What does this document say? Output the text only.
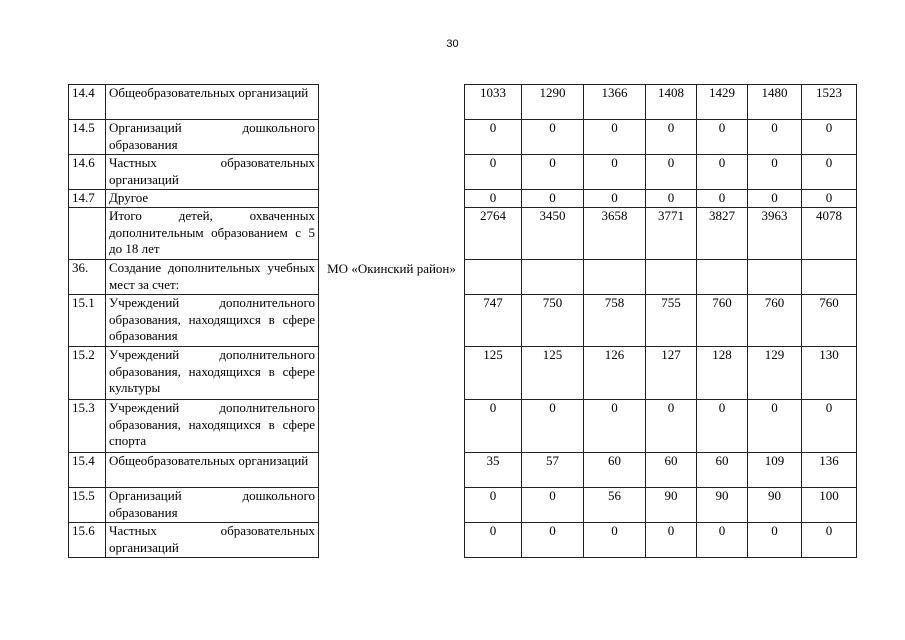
30
14.4	Общеобразовательных организаций		1033	1290	1366	1408	1429	1480	1523
14.5	Организаций дошкольного образования		0	0	0	0	0	0	0
14.6	Частных образовательных организаций		0	0	0	0	0	0	0
14.7	Другое		0	0	0	0	0	0	0
	Итого детей, охваченных дополнительным образованием с 5 до 18 лет		2764	3450	3658	3771	3827	3963	4078
36.	Создание дополнительных учебных мест за счет:	МО «Окинский район»							
15.1	Учреждений дополнительного образования, находящихся в сфере образования		747	750	758	755	760	760	760
15.2	Учреждений дополнительного образования, находящихся в сфере культуры		125	125	126	127	128	129	130
15.3	Учреждений дополнительного образования, находящихся в сфере спорта		0	0	0	0	0	0	0
15.4	Общеобразовательных организаций		35	57	60	60	60	109	136
15.5	Организаций дошкольного образования		0	0	56	90	90	90	100
15.6	Частных образовательных организаций		0	0	0	0	0	0	0
